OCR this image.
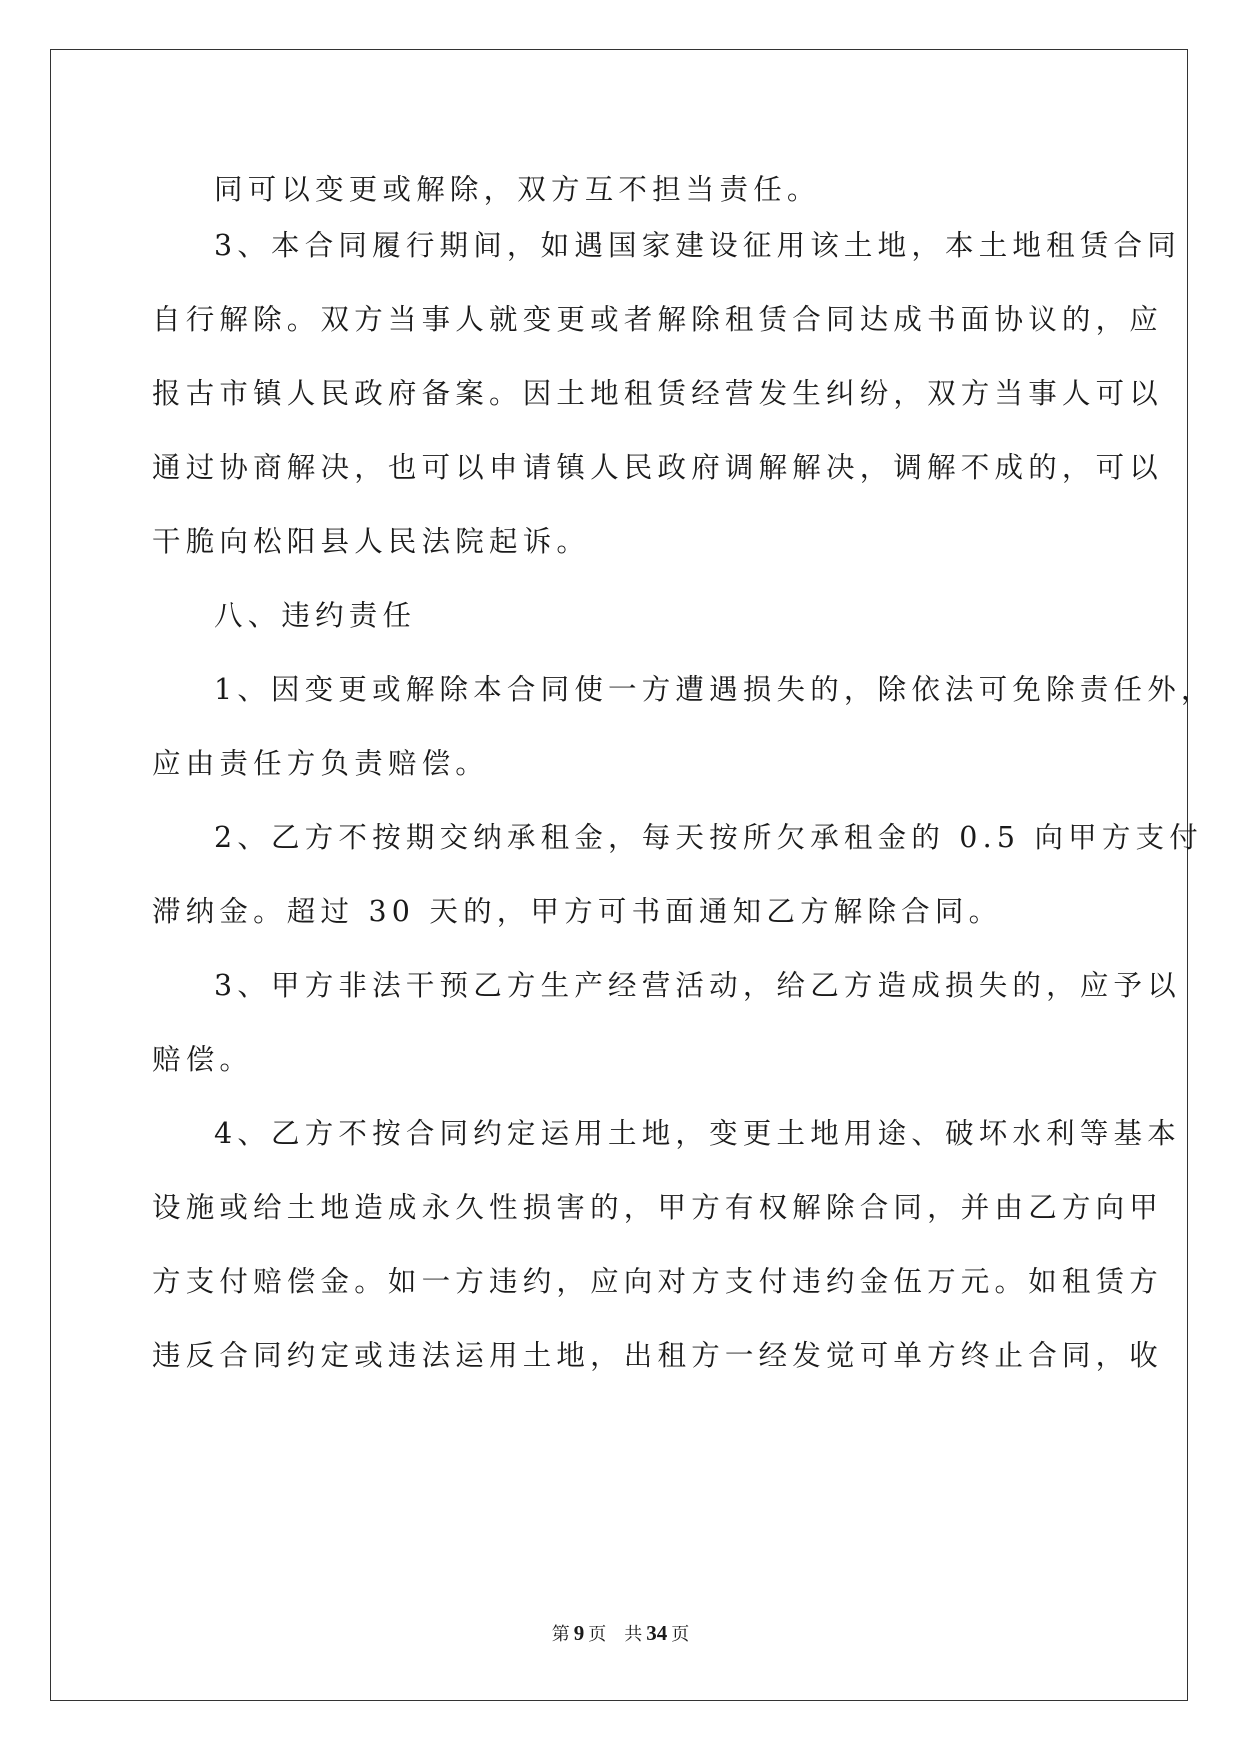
同可以变更或解除，双方互不担当责任。
3、本合同履行期间，如遇国家建设征用该土地，本土地租赁合同
自行解除。双方当事人就变更或者解除租赁合同达成书面协议的，应
报古市镇人民政府备案。因土地租赁经营发生纠纷，双方当事人可以
通过协商解决，也可以申请镇人民政府调解解决，调解不成的，可以
干脆向松阳县人民法院起诉。
八、违约责任
1、因变更或解除本合同使一方遭遇损失的，除依法可免除责任外，
应由责任方负责赔偿。
2、乙方不按期交纳承租金，每天按所欠承租金的 0.5 向甲方支付
滞纳金。超过 30 天的，甲方可书面通知乙方解除合同。
3、甲方非法干预乙方生产经营活动，给乙方造成损失的，应予以
赔偿。
4、乙方不按合同约定运用土地，变更土地用途、破坏水利等基本
设施或给土地造成永久性损害的，甲方有权解除合同，并由乙方向甲
方支付赔偿金。如一方违约，应向对方支付违约金伍万元。如租赁方
违反合同约定或违法运用土地，出租方一经发觉可单方终止合同，收
第 9 页 共 34 页
